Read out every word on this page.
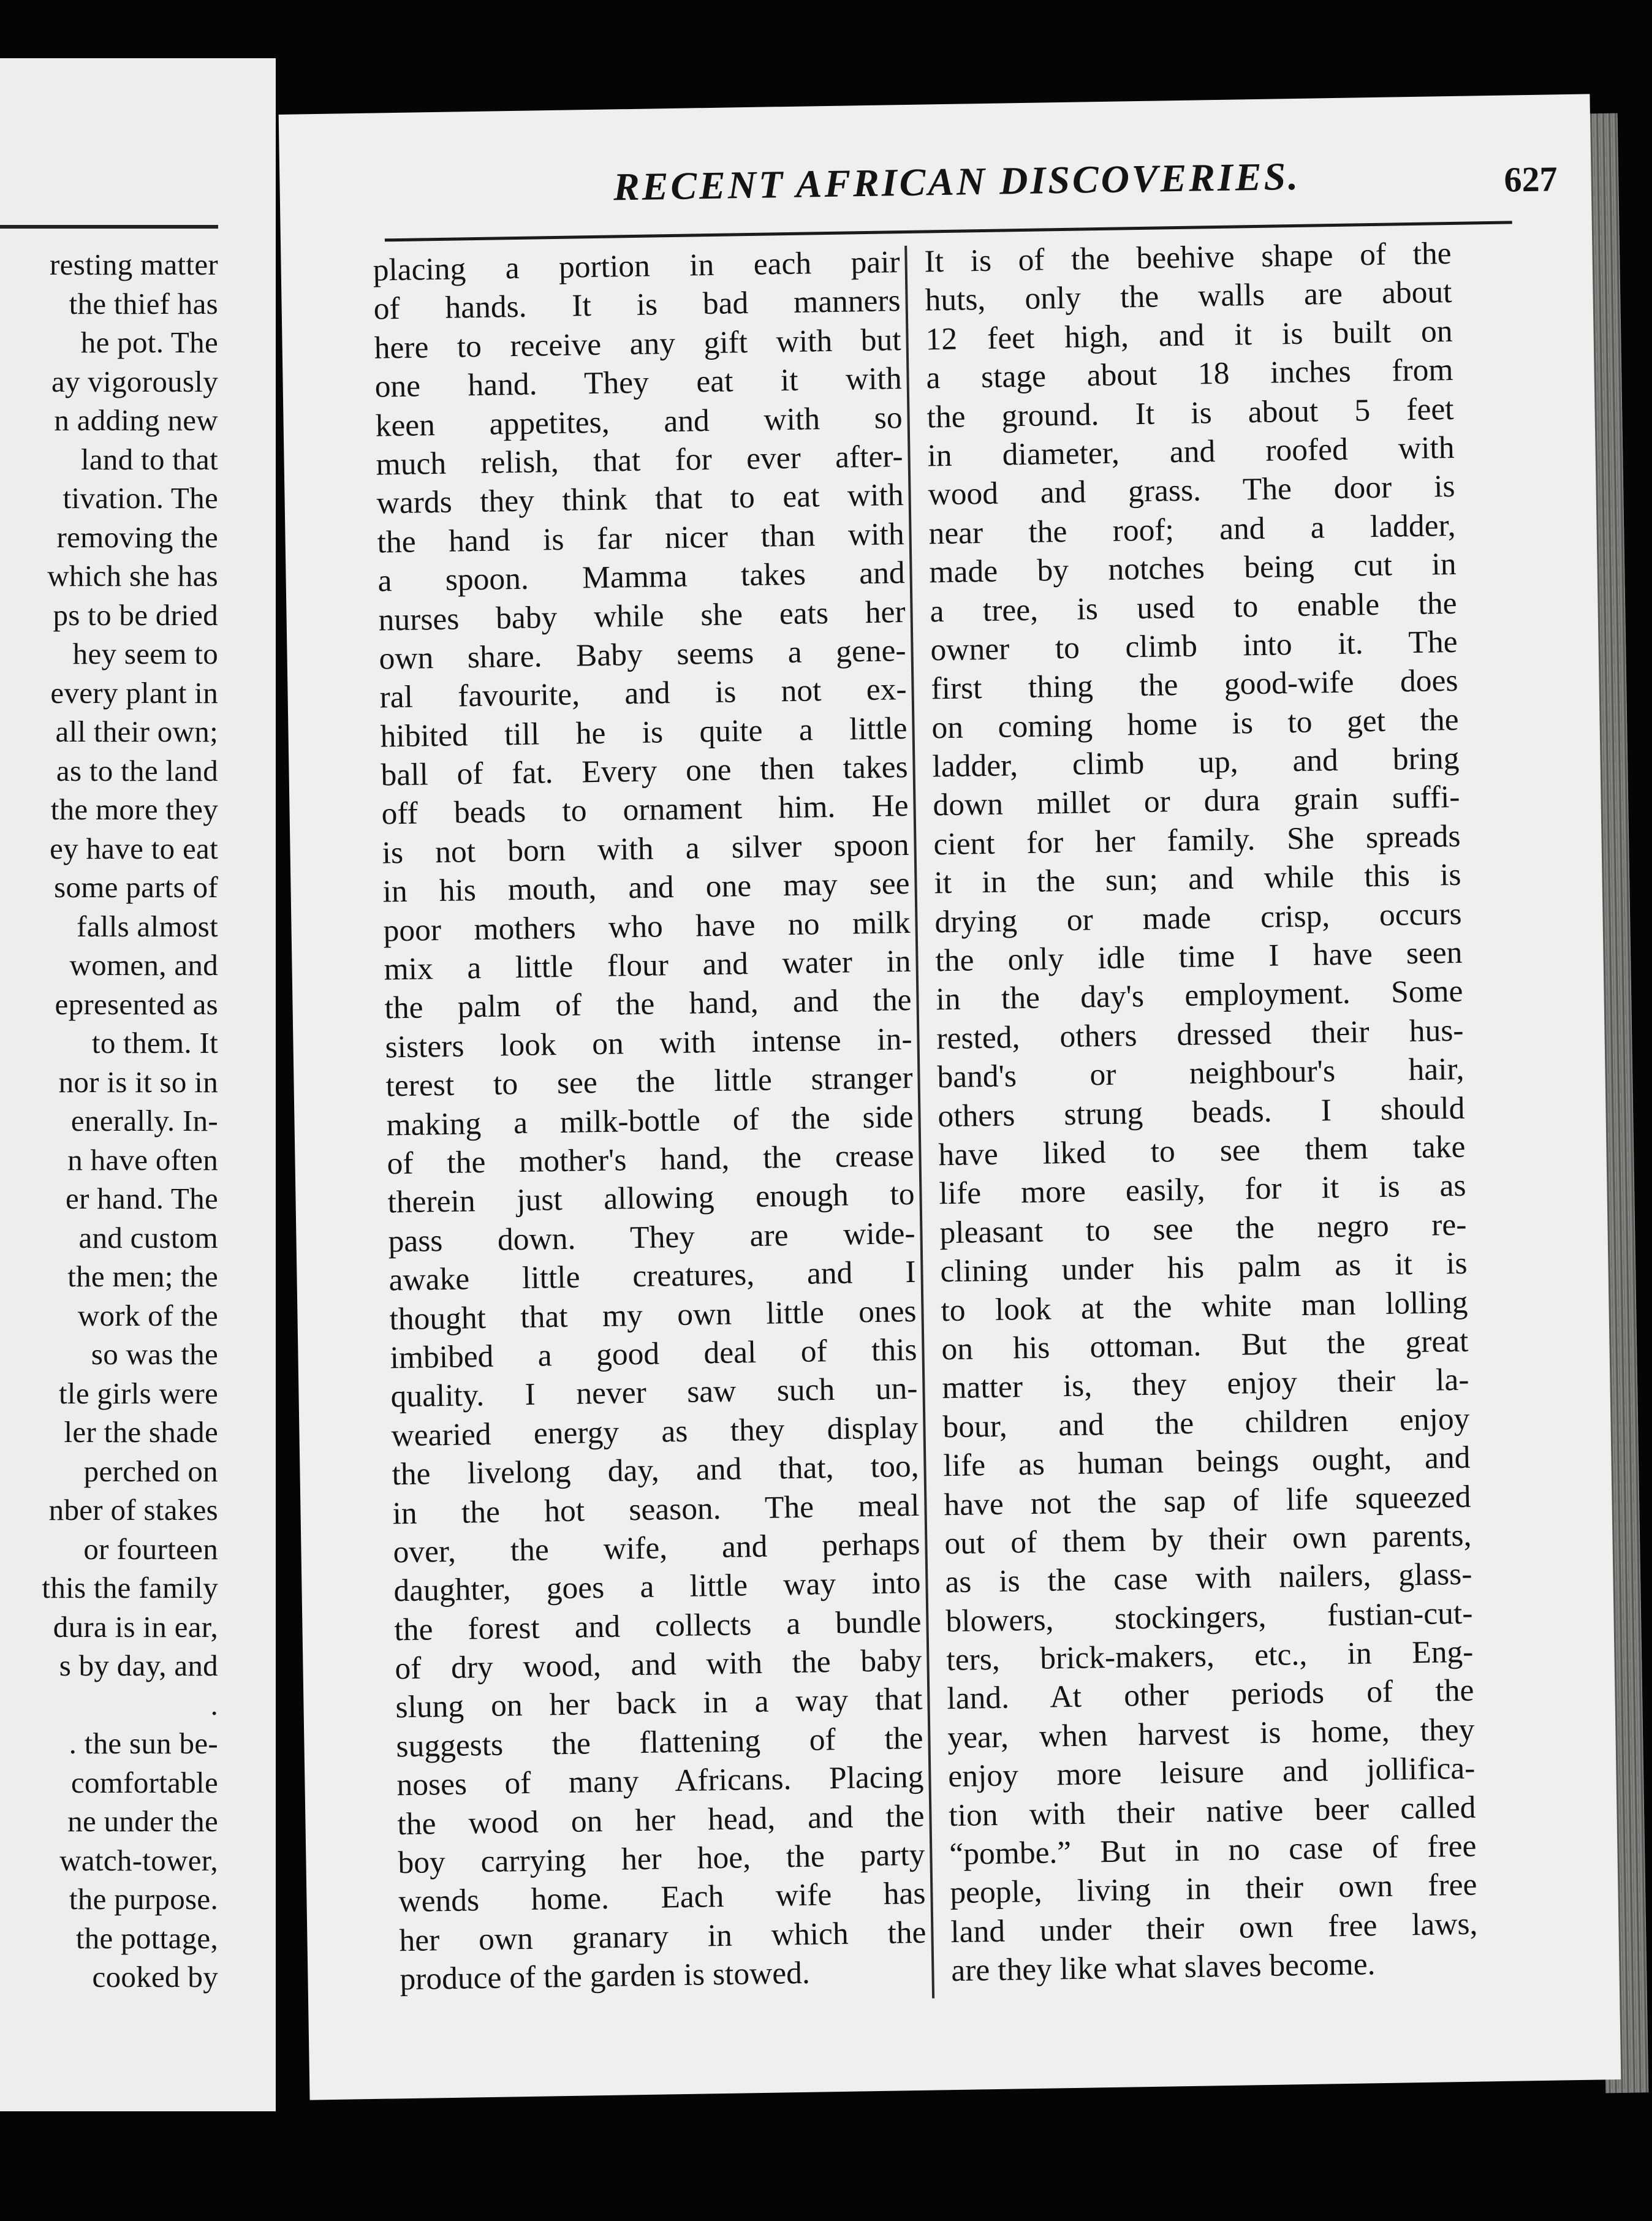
resting matter
the thief has
he pot. The
ay vigorously
n adding new
land to that
tivation. The
removing the
which she has
ps to be dried
hey seem to
every plant in
all their own;
as to the land
the more they
ey have to eat
some parts of
falls almost
women, and
epresented as
to them. It
nor is it so in
enerally. In-
n have often
er hand. The
and custom
the men; the
work of the
so was the
tle girls were
ler the shade
perched on
nber of stakes
or fourteen
this the family
dura is in ear,
s by day, and
.
. the sun be-
comfortable
ne under the
watch-tower,
the purpose.
the pottage,
cooked by
RECENT AFRICAN DISCOVERIES.	627
placing a portion in each pair
of hands. It is bad manners
here to receive any gift with but
one hand. They eat it with
keen appetites, and with so
much relish, that for ever after-
wards they think that to eat with
the hand is far nicer than with
a spoon. Mamma takes and
nurses baby while she eats her
own share. Baby seems a gene-
ral favourite, and is not ex-
hibited till he is quite a little
ball of fat. Every one then takes
off beads to ornament him. He
is not born with a silver spoon
in his mouth, and one may see
poor mothers who have no milk
mix a little flour and water in
the palm of the hand, and the
sisters look on with intense in-
terest to see the little stranger
making a milk-bottle of the side
of the mother's hand, the crease
therein just allowing enough to
pass down. They are wide-
awake little creatures, and I
thought that my own little ones
imbibed a good deal of this
quality. I never saw such un-
wearied energy as they display
the livelong day, and that, too,
in the hot season. The meal
over, the wife, and perhaps
daughter, goes a little way into
the forest and collects a bundle
of dry wood, and with the baby
slung on her back in a way that
suggests the flattening of the
noses of many Africans. Placing
the wood on her head, and the
boy carrying her hoe, the party
wends home. Each wife has
her own granary in which the
produce of the garden is stowed.
It is of the beehive shape of the
huts, only the walls are about
12 feet high, and it is built on
a stage about 18 inches from
the ground. It is about 5 feet
in diameter, and roofed with
wood and grass. The door is
near the roof; and a ladder,
made by notches being cut in
a tree, is used to enable the
owner to climb into it. The
first thing the good-wife does
on coming home is to get the
ladder, climb up, and bring
down millet or dura grain suffi-
cient for her family. She spreads
it in the sun; and while this is
drying or made crisp, occurs
the only idle time I have seen
in the day's employment. Some
rested, others dressed their hus-
band's or neighbour's hair,
others strung beads. I should
have liked to see them take
life more easily, for it is as
pleasant to see the negro re-
clining under his palm as it is
to look at the white man lolling
on his ottoman. But the great
matter is, they enjoy their la-
bour, and the children enjoy
life as human beings ought, and
have not the sap of life squeezed
out of them by their own parents,
as is the case with nailers, glass-
blowers, stockingers, fustian-cut-
ters, brick-makers, etc., in Eng-
land. At other periods of the
year, when harvest is home, they
enjoy more leisure and jollifica-
tion with their native beer called
“pombe.” But in no case of free
people, living in their own free
land under their own free laws,
are they like what slaves become.
